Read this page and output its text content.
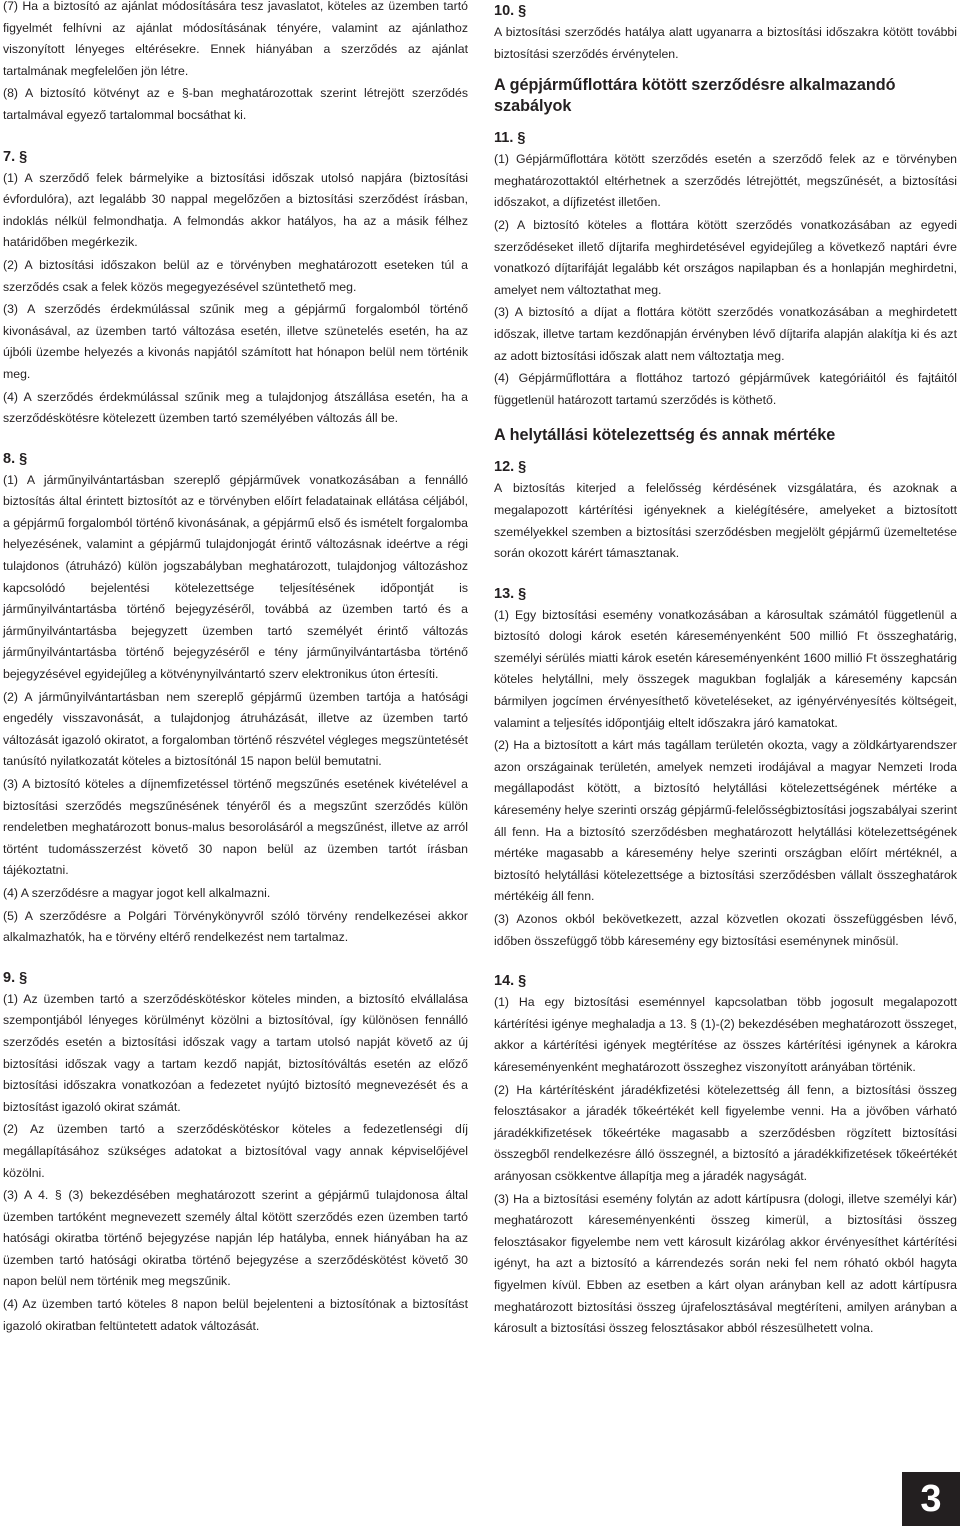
(7) Ha a biztosító az ajánlat módosítására tesz javaslatot, köteles az üzemben tartó figyelmét felhívni az ajánlat módosításának tényére, valamint az ajánlathoz viszonyított lényeges eltérésekre. Ennek hiányában a szerződés az ajánlat tartalmának megfelelően jön létre.

(8) A biztosító kötvényt az e §-ban meghatározottak szerint létrejött szerződés tartalmával egyező tartalommal bocsáthat ki.

7. §

(1) A szerződő felek bármelyike a biztosítási időszak utolsó napjára (biztosítási évfordulóra), azt legalább 30 nappal megelőzően a biztosítási szerződést írásban, indoklás nélkül felmondhatja. A felmondás akkor hatályos, ha az a másik félhez határidőben megérkezik.

(2) A biztosítási időszakon belül az e törvényben meghatározott eseteken túl a szerződés csak a felek közös megegyezésével szüntethető meg.

(3) A szerződés érdekmúlással szűnik meg a gépjármű forgalomból történő kivonásával, az üzemben tartó változása esetén, illetve szünetelés esetén, ha az újbóli üzembe helyezés a kivonás napjától számított hat hónapon belül nem történik meg.

(4) A szerződés érdekmúlással szűnik meg a tulajdonjog átszállása esetén, ha a szerződéskötésre kötelezett üzemben tartó személyében változás áll be.

8. §

(1) A járműnyilvántartásban szereplő gépjárművek vonatkozásában a fennálló biztosítás által érintett biztosítót az e törvényben előírt feladatainak ellátása céljából, a gépjármű forgalomból történő kivonásának, a gépjármű első és ismételt forgalomba helyezésének, valamint a gépjármű tulajdonjogát érintő változásnak ideértve a régi tulajdonos (átruházó) külön jogszabályban meghatározott, tulajdonjog változáshoz kapcsolódó bejelentési kötelezettsége teljesítésének időpontját is járműnyilvántartásba történő bejegyzéséről, továbbá az üzemben tartó és a járműnyilvántartásba bejegyzett üzemben tartó személyét érintő változás járműnyilvántartásba történő bejegyzéséről e tény járműnyilvántartásba történő bejegyzésével egyidejűleg a kötvénynyilvántartó szerv elektronikus úton értesíti.

(2) A járműnyilvántartásban nem szereplő gépjármű üzemben tartója a hatósági engedély visszavonását, a tulajdonjog átruházását, illetve az üzemben tartó változását igazoló okiratot, a forgalomban történő részvétel végleges megszüntetését tanúsító nyilatkozatát köteles a biztosítónál 15 napon belül bemutatni.

(3) A biztosító köteles a díjnemfizetéssel történő megszűnés esetének kivételével a biztosítási szerződés megszűnésének tényéről és a megszűnt szerződés külön rendeletben meghatározott bonus-malus besorolásáról a megszűnést, illetve az arról történt tudomásszerzést követő 30 napon belül az üzemben tartót írásban tájékoztatni.

(4) A szerződésre a magyar jogot kell alkalmazni.

(5) A szerződésre a Polgári Törvénykönyvről szóló törvény rendelkezései akkor alkalmazhatók, ha e törvény eltérő rendelkezést nem tartalmaz.

9. §

(1) Az üzemben tartó a szerződéskötéskor köteles minden, a biztosító elvállalása szempontjából lényeges körülményt közölni a biztosítóval, így különösen fennálló szerződés esetén a biztosítási időszak vagy a tartam utolsó napját követő az új biztosítási időszak vagy a tartam kezdő napját, biztosítóváltás esetén az előző biztosítási időszakra vonatkozóan a fedezetet nyújtó biztosító megnevezését és a biztosítást igazoló okirat számát.

(2) Az üzemben tartó a szerződéskötéskor köteles a fedezetlenségi díj megállapításához szükséges adatokat a biztosítóval vagy annak képviselőjével közölni.

(3) A 4. § (3) bekezdésében meghatározott szerint a gépjármű tulajdonosa által üzemben tartóként megnevezett személy által kötött szerződés ezen üzemben tartó hatósági okiratba történő bejegyzése napján lép hatályba, ennek hiányában ha az üzemben tartó hatósági okiratba történő bejegyzése a szerződéskötést követő 30 napon belül nem történik meg megszűnik.

(4) Az üzemben tartó köteles 8 napon belül bejelenteni a biztosítónak a biztosítást igazoló okiratban feltüntetett adatok változását.

10. §

A biztosítási szerződés hatálya alatt ugyanarra a biztosítási időszakra kötött további biztosítási szerződés érvénytelen.

A gépjárműflottára kötött szerződésre alkalmazandó szabályok
11. §

(1) Gépjárműflottára kötött szerződés esetén a szerződő felek az e törvényben meghatározottaktól eltérhetnek a szerződés létrejöttét, megszűnését, a biztosítási időszakot, a díjfizetést illetően.

(2) A biztosító köteles a flottára kötött szerződés vonatkozásában az egyedi szerződéseket illető díjtarifa meghirdetésével egyidejűleg a következő naptári évre vonatkozó díjtarifáját legalább két országos napilapban és a honlapján meghirdetni, amelyet nem változtathat meg.

(3) A biztosító a díjat a flottára kötött szerződés vonatkozásában a meghirdetett időszak, illetve tartam kezdőnapján érvényben lévő díjtarifa alapján alakítja ki és azt az adott biztosítási időszak alatt nem változtatja meg.

(4) Gépjárműflottára a flottához tartozó gépjárművek kategóriáitól és fajtáitól függetlenül határozott tartamú szerződés is köthető.

A helytállási kötelezettség és annak mértéke
12. §

A biztosítás kiterjed a felelősség kérdésének vizsgálatára, és azoknak a megalapozott kártérítési igényeknek a kielégítésére, amelyeket a biztosított személyekkel szemben a biztosítási szerződésben megjelölt gépjármű üzemeltetése során okozott kárért támasztanak.

13. §

(1) Egy biztosítási esemény vonatkozásában a károsultak számától függetlenül a biztosító dologi károk esetén káreseményenként 500 millió Ft összeghatárig, személyi sérülés miatti károk esetén káreseményenként 1600 millió Ft összeghatárig köteles helytállni, mely összegek magukban foglalják a káresemény kapcsán bármilyen jogcímen érvényesíthető követeléseket, az igényérvényesítés költségeit, valamint a teljesítés időpontjáig eltelt időszakra járó kamatokat.

(2) Ha a biztosított a kárt más tagállam területén okozta, vagy a zöldkártyarendszer azon országainak területén, amelyek nemzeti irodájával a magyar Nemzeti Iroda megállapodást kötött, a biztosító helytállási kötelezettségének mértéke a káresemény helye szerinti ország gépjármű-felelősségbiztosítási jogszabályai szerint áll fenn. Ha a biztosító szerződésben meghatározott helytállási kötelezettségének mértéke magasabb a káresemény helye szerinti országban előírt mértéknél, a biztosító helytállási kötelezettsége a biztosítási szerződésben vállalt összeghatárok mértékéig áll fenn.

(3) Azonos okból bekövetkezett, azzal közvetlen okozati összefüggésben lévő, időben összefüggő több káresemény egy biztosítási eseménynek minősül.

14. §

(1) Ha egy biztosítási eseménnyel kapcsolatban több jogosult megalapozott kártérítési igénye meghaladja a 13. § (1)-(2) bekezdésében meghatározott összeget, akkor a kártérítési igények megtérítése az összes kártérítési igénynek a károkra káreseményenként meghatározott összeghez viszonyított arányában történik.

(2) Ha kártérítésként járadékfizetési kötelezettség áll fenn, a biztosítási összeg felosztásakor a járadék tőkeértékét kell figyelembe venni. Ha a jövőben várható járadékkifizetések tőkeértéke magasabb a szerződésben rögzített biztosítási összegből rendelkezésre álló összegnél, a biztosító a járadékkifizetések tőkeértékét arányosan csökkentve állapítja meg a járadék nagyságát.

(3) Ha a biztosítási esemény folytán az adott kártípusra (dologi, illetve személyi kár) meghatározott káreseményenkénti összeg kimerül, a biztosítási összeg felosztásakor figyelembe nem vett károsult kizárólag akkor érvényesíthet kártérítési igényt, ha azt a biztosító a kárrendezés során neki fel nem róható okból hagyta figyelmen kívül. Ebben az esetben a kárt olyan arányban kell az adott kártípusra meghatározott biztosítási összeg újrafelosztásával megtéríteni, amilyen arányban a károsult a biztosítási összeg felosztásakor abból részesülhetett volna.

3
